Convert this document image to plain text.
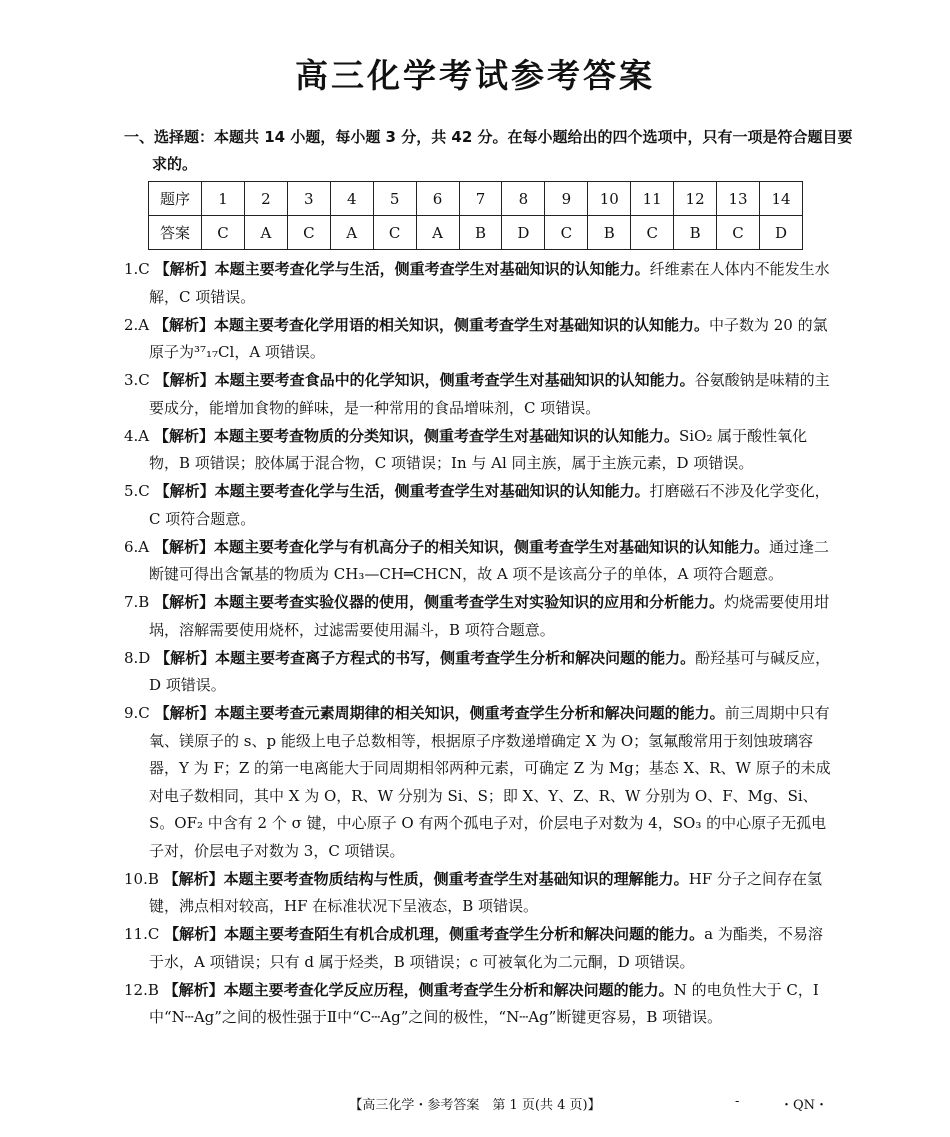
高三化学考试参考答案
一、选择题：本题共 14 小题，每小题 3 分，共 42 分。在每小题给出的四个选项中，只有一项是符合题目要求的。
题序	1	2	3	4	5	6	7	8	9	10	11	12	13	14
答案	C	A	C	A	C	A	B	D	C	B	C	B	C	D
1.C 【解析】本题主要考查化学与生活，侧重考查学生对基础知识的认知能力。纤维素在人体内不能发生水解，C 项错误。
2.A 【解析】本题主要考查化学用语的相关知识，侧重考查学生对基础知识的认知能力。中子数为 20 的氯原子为³⁷₁₇Cl，A 项错误。
3.C 【解析】本题主要考查食品中的化学知识，侧重考查学生对基础知识的认知能力。谷氨酸钠是味精的主要成分，能增加食物的鲜味，是一种常用的食品增味剂，C 项错误。
4.A 【解析】本题主要考查物质的分类知识，侧重考查学生对基础知识的认知能力。SiO₂ 属于酸性氧化物，B 项错误；胶体属于混合物，C 项错误；In 与 Al 同主族，属于主族元素，D 项错误。
5.C 【解析】本题主要考查化学与生活，侧重考查学生对基础知识的认知能力。打磨磁石不涉及化学变化，C 项符合题意。
6.A 【解析】本题主要考查化学与有机高分子的相关知识，侧重考查学生对基础知识的认知能力。通过逢二断键可得出含氰基的物质为 CH₃—CH═CHCN，故 A 项不是该高分子的单体，A 项符合题意。
7.B 【解析】本题主要考查实验仪器的使用，侧重考查学生对实验知识的应用和分析能力。灼烧需要使用坩埚，溶解需要使用烧杯，过滤需要使用漏斗，B 项符合题意。
8.D 【解析】本题主要考查离子方程式的书写，侧重考查学生分析和解决问题的能力。酚羟基可与碱反应，D 项错误。
9.C 【解析】本题主要考查元素周期律的相关知识，侧重考查学生分析和解决问题的能力。前三周期中只有氧、镁原子的 s、p 能级上电子总数相等，根据原子序数递增确定 X 为 O；氢氟酸常用于刻蚀玻璃容器，Y 为 F；Z 的第一电离能大于同周期相邻两种元素，可确定 Z 为 Mg；基态 X、R、W 原子的未成对电子数相同，其中 X 为 O，R、W 分别为 Si、S；即 X、Y、Z、R、W 分别为 O、F、Mg、Si、S。OF₂ 中含有 2 个 σ 键，中心原子 O 有两个孤电子对，价层电子对数为 4，SO₃ 的中心原子无孤电子对，价层电子对数为 3，C 项错误。
10.B 【解析】本题主要考查物质结构与性质，侧重考查学生对基础知识的理解能力。HF 分子之间存在氢键，沸点相对较高，HF 在标准状况下呈液态，B 项错误。
11.C 【解析】本题主要考查陌生有机合成机理，侧重考查学生分析和解决问题的能力。a 为酯类，不易溶于水，A 项错误；只有 d 属于烃类，B 项错误；c 可被氧化为二元酮，D 项错误。
12.B 【解析】本题主要考查化学反应历程，侧重考查学生分析和解决问题的能力。N 的电负性大于 C，Ⅰ中“N┄Ag”之间的极性强于Ⅱ中“C┄Ag”之间的极性，“N┄Ag”断键更容易，B 项错误。
【高三化学・参考答案　第 1 页(共 4 页)】	‑	・QN・
